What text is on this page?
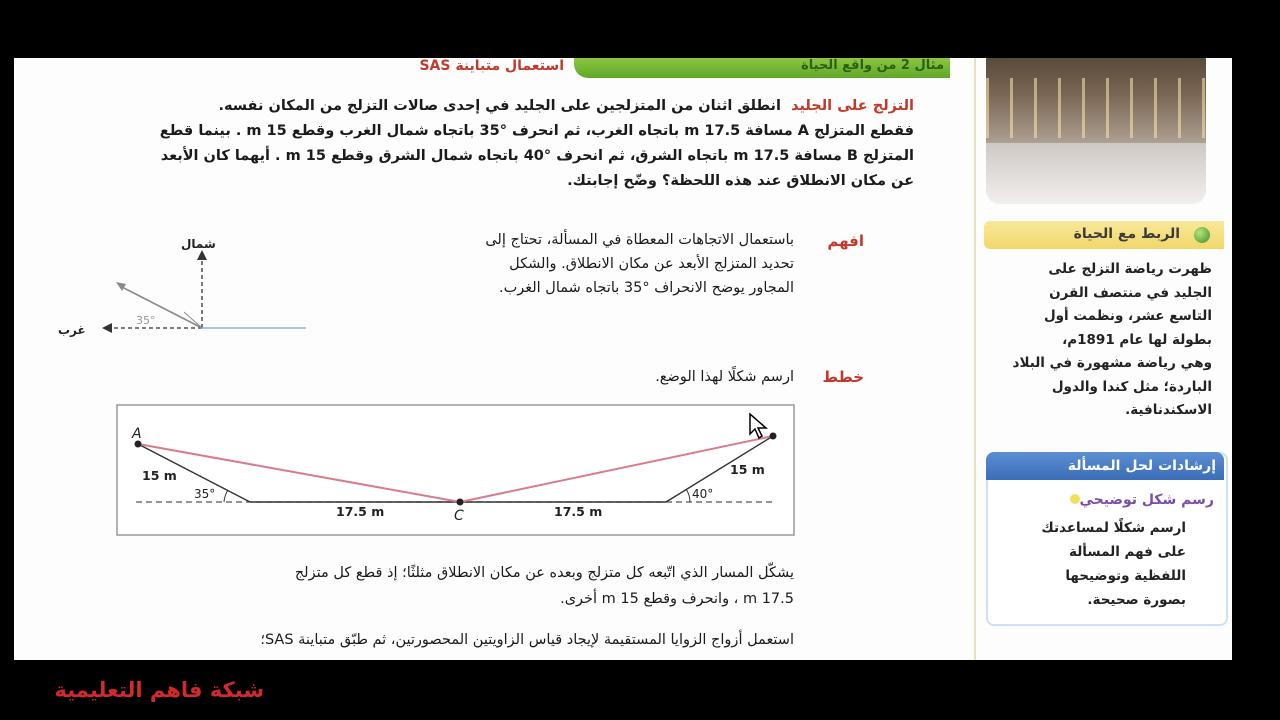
مثال 2 من واقع الحياة
استعمال متباينة SAS
التزلج على الجليد  انطلق اثنان من المتزلجين على الجليد في إحدى صالات التزلج من المكان نفسه.
فقطع المتزلج A مسافة 17.5 m باتجاه الغرب، ثم انحرف °35 باتجاه شمال الغرب وقطع 15 m . بينما قطع
المتزلج B مسافة 17.5 m باتجاه الشرق، ثم انحرف °40 باتجاه شمال الشرق وقطع 15 m . أيهما كان الأبعد
عن مكان الانطلاق عند هذه اللحظة؟ وضّح إجابتك.
افهم
باستعمال الاتجاهات المعطاة في المسألة، تحتاج إلى
تحديد المتزلج الأبعد عن مكان الانطلاق. والشكل
المجاور يوضح الانحراف °35 باتجاه شمال الغرب.
شمال
غرب
35°
خطط
ارسم شكلًا لهذا الوضع.
A
C
15 m	15 m
17.5 m	17.5 m
35°	40°
يشكّل المسار الذي اتّبعه كل متزلج وبعده عن مكان الانطلاق مثلثًا؛ إذ قطع كل متزلج
17.5 m ، وانحرف وقطع 15 m أخرى.
استعمل أزواج الزوايا المستقيمة لإيجاد قياس الزاويتين المحصورتين، ثم طبّق متباينة SAS؛
الربط مع الحياة
ظهرت رياضة التزلج على
الجليد في منتصف القرن
التاسع عشر، ونظمت أول
بطولة لها عام 1891م،
وهي رياضة مشهورة في البلاد
الباردة؛ مثل كندا والدول
الاسكندنافية.
إرشادات لحل المسألة
رسم شكل توضيحي
ارسم شكلًا لمساعدتك
على فهم المسألة
اللفظية وتوضيحها
بصورة صحيحة.
شبكة فاهم التعليمية
